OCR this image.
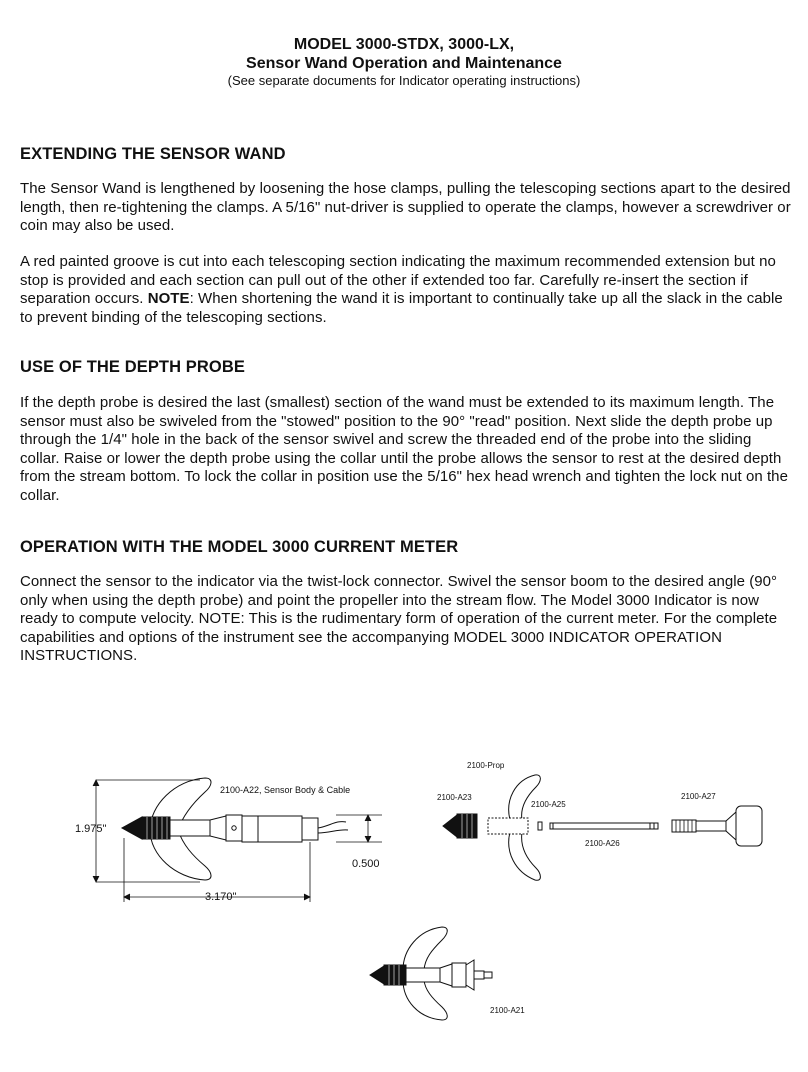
MODEL 3000-STDX, 3000-LX,
Sensor Wand Operation and Maintenance
(See separate documents for Indicator operating instructions)
EXTENDING THE SENSOR WAND

The Sensor Wand is lengthened by loosening the hose clamps, pulling the telescoping sections apart to the desired length, then re-tightening the clamps. A 5/16" nut-driver is supplied to operate the clamps, however a screwdriver or coin may also be used.

A red painted groove is cut into each telescoping section indicating the maximum recommended extension but no stop is provided and each section can pull out of the other if extended too far. Carefully re-insert the section if separation occurs. NOTE: When shortening the wand it is important to continually take up all the slack in the cable to prevent binding of the telescoping sections.

USE OF THE DEPTH PROBE

If the depth probe is desired the last (smallest) section of the wand must be extended to its maximum length. The sensor must also be swiveled from the "stowed" position to the 90° "read" position. Next slide the depth probe up through the 1/4" hole in the back of the sensor swivel and screw the threaded end of the probe into the sliding collar. Raise or lower the depth probe using the collar until the probe allows the sensor to rest at the desired depth from the stream bottom. To lock the collar in position use the 5/16" hex head wrench and tighten the lock nut on the collar.

OPERATION WITH THE MODEL 3000 CURRENT METER

Connect the sensor to the indicator via the twist-lock connector. Swivel the sensor boom to the desired angle (90° only when using the depth probe) and point the propeller into the stream flow. The Model 3000 Indicator is now ready to compute velocity. NOTE: This is the rudimentary form of operation of the current meter. For the complete capabilities and options of the instrument see the accompanying MODEL 3000 INDICATOR OPERATION INSTRUCTIONS.

2100-A22, Sensor Body & Cable
1.975"
3.170"
0.500
2100-Prop
2100-A23
2100-A25
2100-A27
2100-A26
2100-A21
